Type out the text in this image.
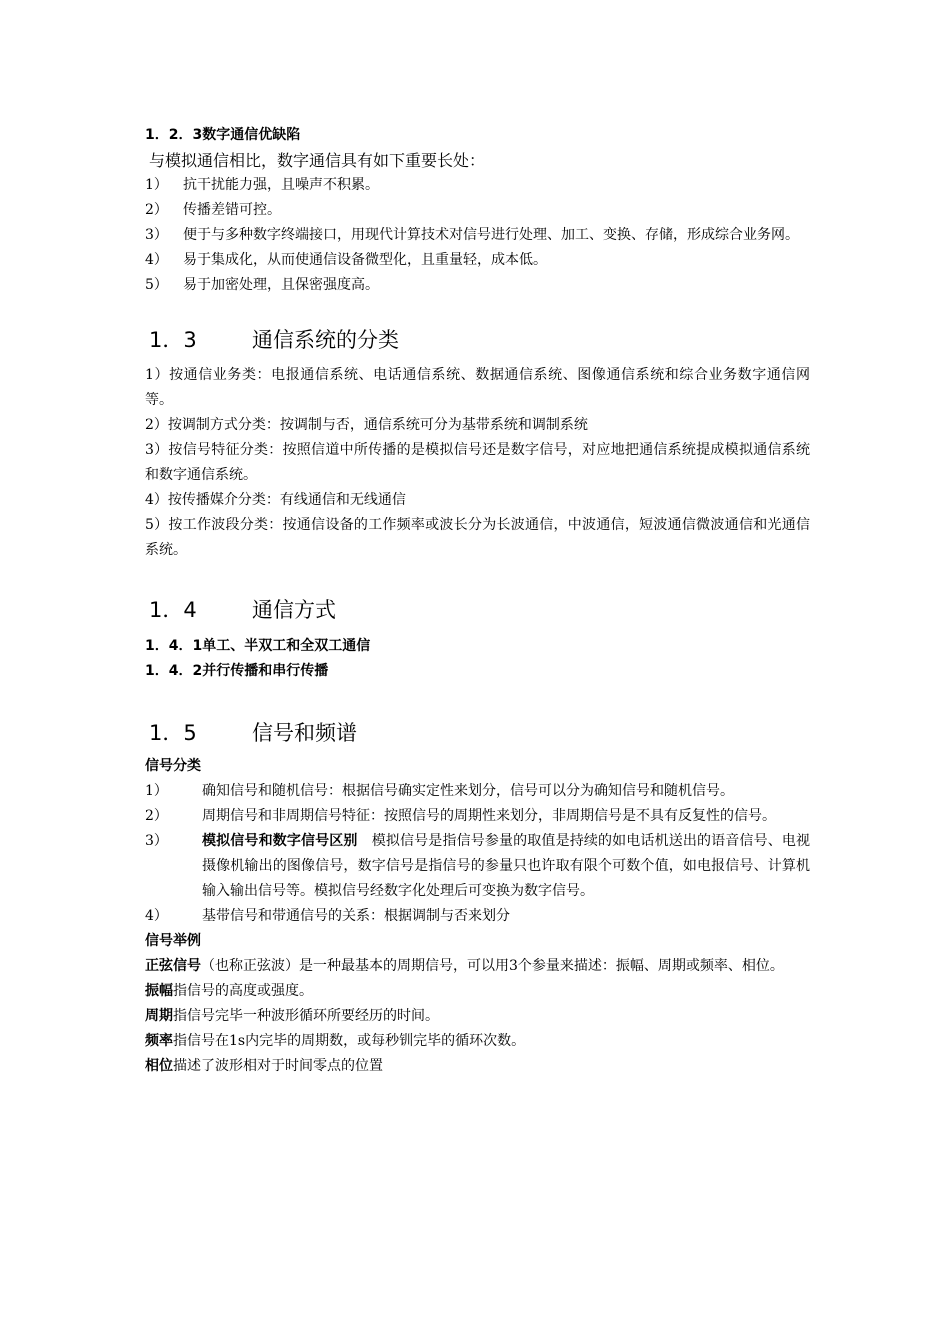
1．2．3数字通信优缺陷
与模拟通信相比，数字通信具有如下重要长处：
1）	抗干扰能力强，且噪声不积累。
2）	传播差错可控。
3）	便于与多种数字终端接口，用现代计算技术对信号进行处理、加工、变换、存储，形成综合业务网。
4）	易于集成化，从而使通信设备微型化，且重量轻，成本低。
5）	易于加密处理，且保密强度高。
1．3	通信系统的分类
1）按通信业务类：电报通信系统、电话通信系统、数据通信系统、图像通信系统和综合业务数字通信网等。
2）按调制方式分类：按调制与否，通信系统可分为基带系统和调制系统
3）按信号特征分类：按照信道中所传播的是模拟信号还是数字信号，对应地把通信系统提成模拟通信系统和数字通信系统。
4）按传播媒介分类：有线通信和无线通信
5）按工作波段分类：按通信设备的工作频率或波长分为长波通信，中波通信，短波通信微波通信和光通信系统。
1．4	通信方式
1．4．1单工、半双工和全双工通信
1．4．2并行传播和串行传播
1．5	信号和频谱
信号分类
1）	确知信号和随机信号：根据信号确实定性来划分，信号可以分为确知信号和随机信号。
2）	周期信号和非周期信号特征：按照信号的周期性来划分，非周期信号是不具有反复性的信号。
3）	模拟信号和数字信号区别　模拟信号是指信号参量的取值是持续的如电话机送出的语音信号、电视摄像机输出的图像信号，数字信号是指信号的参量只也许取有限个可数个值，如电报信号、计算机输入输出信号等。模拟信号经数字化处理后可变换为数字信号。
4）	基带信号和带通信号的关系：根据调制与否来划分
信号举例
正弦信号（也称正弦波）是一种最基本的周期信号，可以用3个参量来描述：振幅、周期或频率、相位。
振幅指信号的高度或强度。
周期指信号完毕一种波形循环所要经历的时间。
频率指信号在1s内完毕的周期数，或每秒钏完毕的循环次数。
相位描述了波形相对于时间零点的位置
